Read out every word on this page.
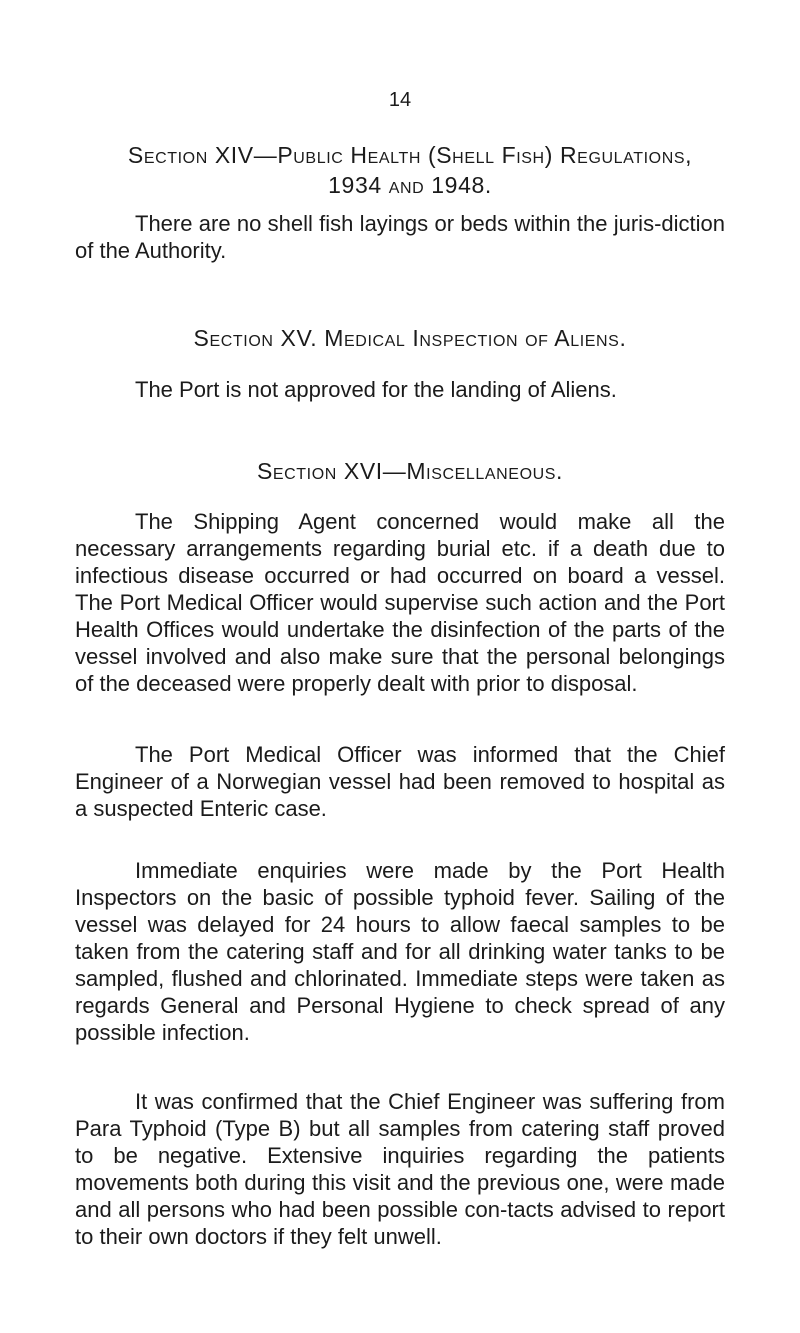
14
Section XIV—Public Health (Shell Fish) Regulations, 1934 and 1948.

There are no shell fish layings or beds within the juris-diction of the Authority.

Section XV. Medical Inspection of Aliens.

The Port is not approved for the landing of Aliens.

Section XVI—Miscellaneous.

The Shipping Agent concerned would make all the necessary arrangements regarding burial etc. if a death due to infectious disease occurred or had occurred on board a vessel. The Port Medical Officer would supervise such action and the Port Health Offices would undertake the disinfection of the parts of the vessel involved and also make sure that the personal belongings of the deceased were properly dealt with prior to disposal.

The Port Medical Officer was informed that the Chief Engineer of a Norwegian vessel had been removed to hospital as a suspected Enteric case.

Immediate enquiries were made by the Port Health Inspectors on the basic of possible typhoid fever. Sailing of the vessel was delayed for 24 hours to allow faecal samples to be taken from the catering staff and for all drinking water tanks to be sampled, flushed and chlorinated. Immediate steps were taken as regards General and Personal Hygiene to check spread of any possible infection.

It was confirmed that the Chief Engineer was suffering from Para Typhoid (Type B) but all samples from catering staff proved to be negative. Extensive inquiries regarding the patients movements both during this visit and the previous one, were made and all persons who had been possible con-tacts advised to report to their own doctors if they felt unwell.
